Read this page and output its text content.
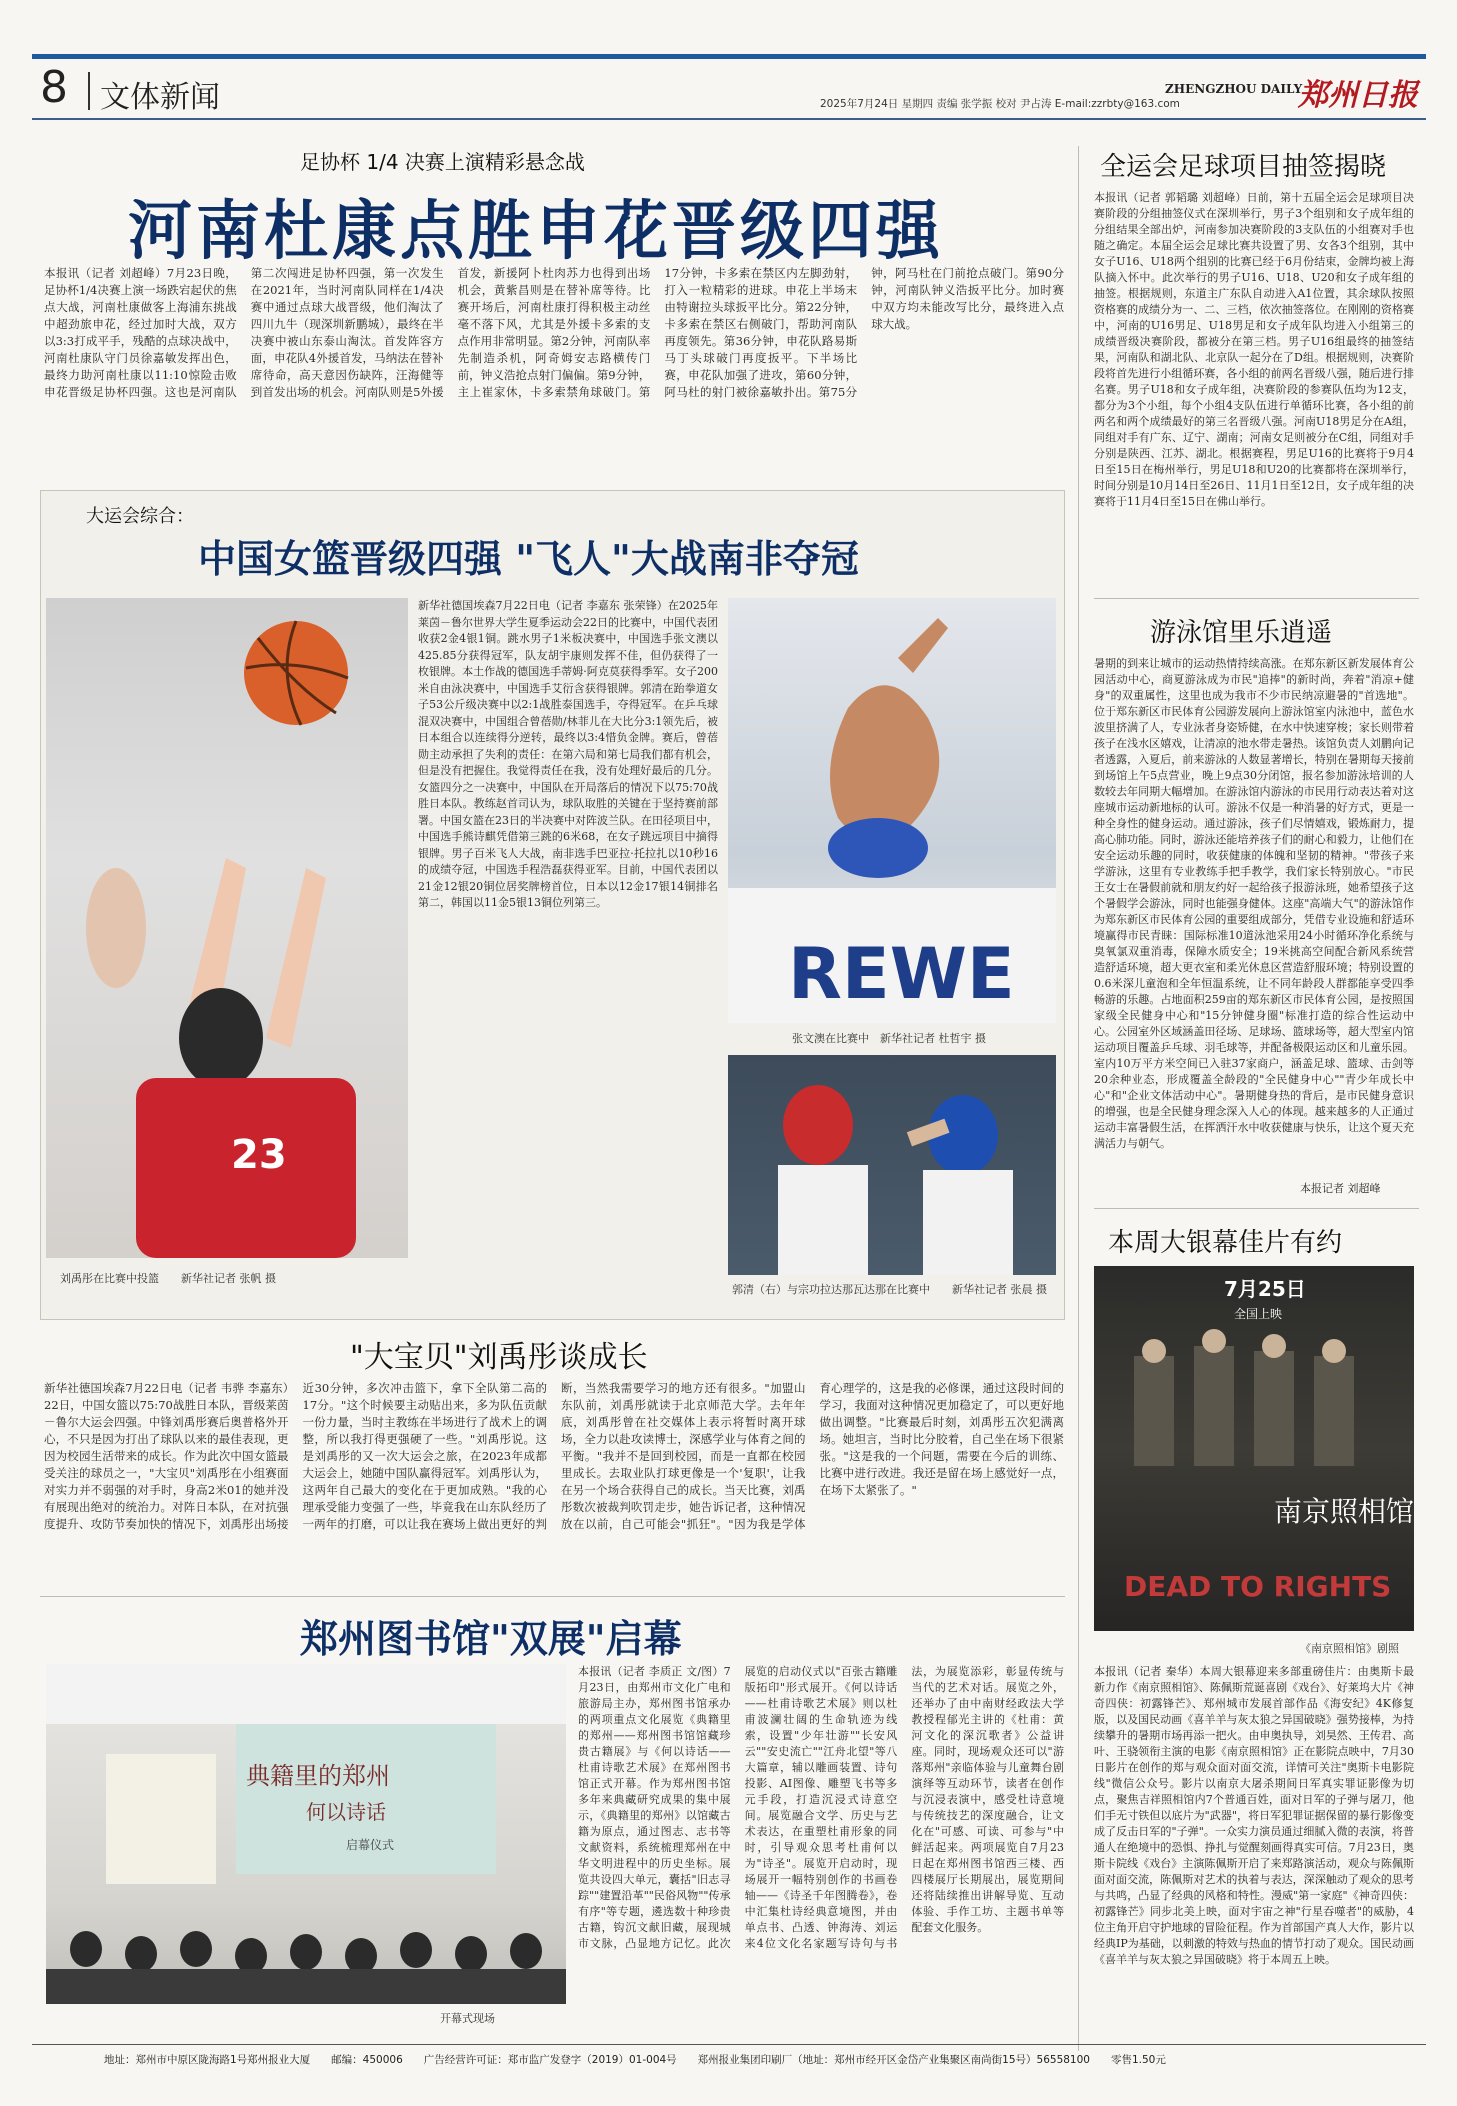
8 文体新闻	2025年7月24日 星期四 责编 张学振 校对 尹占涛 E-mail:zzrbty@163.com
ZHENGZHOU DAILY
郑州日报
足协杯 1/4 决赛上演精彩悬念战
河南杜康点胜申花晋级四强
本报讯（记者 刘超峰）7月23日晚，足协杯1/4决赛上演一场跌宕起伏的焦点大战，河南杜康做客上海浦东挑战中超劲旅申花，经过加时大战，双方以3:3打成平手，残酷的点球决战中，河南杜康队守门员徐嘉敏发挥出色，最终力助河南杜康以11:10惊险击败申花晋级足协杯四强。这也是河南队第二次闯进足协杯四强，第一次发生在2021年，当时河南队同样在1/4决赛中通过点球大战晋级，他们淘汰了四川九牛（现深圳新鹏城），最终在半决赛中被山东泰山淘汰。首发阵容方面，申花队4外援首发，马纳法在替补席待命，高天意因伤缺阵，汪海健等到首发出场的机会。河南队则是5外援首发，新援阿卜杜肉苏力也得到出场机会，黄紫昌则是在替补席等待。比赛开场后，河南杜康打得积极主动丝毫不落下风，尤其是外援卡多索的支点作用非常明显。第2分钟，河南队率先制造杀机，阿奇姆安志路横传门前，钟义浩抢点射门偏偏。第9分钟，主上崔家休，卡多索禁角球破门。第17分钟，卡多索在禁区内左脚劲射，打入一粒精彩的进球。申花上半场末由特谢拉头球扳平比分。第22分钟，卡多索在禁区右侧破门，帮助河南队再度领先。第36分钟，申花队路易斯马丁头球破门再度扳平。下半场比赛，申花队加强了进攻，第60分钟，阿马杜的射门被徐嘉敏扑出。第75分钟，阿马杜在门前抢点破门。第90分钟，河南队钟义浩扳平比分。加时赛中双方均未能改写比分，最终进入点球大战。
大运会综合：
中国女篮晋级四强 "飞人"大战南非夺冠
23
刘禹彤在比赛中投篮　　新华社记者 张帆 摄
新华社德国埃森7月22日电（记者 李嘉东 张荣锋）在2025年莱茵－鲁尔世界大学生夏季运动会22日的比赛中，中国代表团收获2金4银1铜。跳水男子1米板决赛中，中国选手张文澳以425.85分获得冠军，队友胡宇康则发挥不佳，但仍获得了一枚银牌。本土作战的德国选手蒂姆·阿克莫获得季军。女子200米自由泳决赛中，中国选手艾衍含获得银牌。郭清在跆拳道女子53公斤级决赛中以2:1战胜泰国选手，夺得冠军。在乒乓球混双决赛中，中国组合曾蓓勋/林菲儿在大比分3:1领先后，被日本组合以连续得分逆转，最终以3:4惜负金牌。赛后，曾蓓勋主动承担了失利的责任：在第六局和第七局我们都有机会，但是没有把握住。我觉得责任在我，没有处理好最后的几分。女篮四分之一决赛中，中国队在开局落后的情况下以75:70战胜日本队。教练赵首司认为，球队取胜的关键在于坚持赛前部署。中国女篮在23日的半决赛中对阵波兰队。在田径项目中，中国选手熊诗麒凭借第三跳的6米68，在女子跳远项目中摘得银牌。男子百米飞人大战，南非选手巴亚拉·托拉扎以10秒16的成绩夺冠，中国选手程浩磊获得亚军。目前，中国代表团以21金12银20铜位居奖牌榜首位，日本以12金17银14铜排名第二，韩国以11金5银13铜位列第三。
REWE
张文澳在比赛中　新华社记者 杜哲宇 摄
郭清（右）与宗功拉达那瓦达那在比赛中　　新华社记者 张晨 摄
"大宝贝"刘禹彤谈成长
新华社德国埃森7月22日电（记者 韦骅 李嘉东）22日，中国女篮以75:70战胜日本队，晋级莱茵－鲁尔大运会四强。中锋刘禹彤赛后奥普格外开心，不只是因为打出了球队以来的最佳表现，更因为校园生活带来的成长。作为此次中国女篮最受关注的球员之一，"大宝贝"刘禹彤在小组赛面对实力并不弱强的对手时，身高2米01的她并没有展现出绝对的统治力。对阵日本队，在对抗强度提升、攻防节奏加快的情况下，刘禹彤出场接近30分钟，多次冲击篮下，拿下全队第二高的17分。"这个时候要主动贴出来，多为队伍贡献一份力量，当时主教练在半场进行了战术上的调整，所以我打得更强硬了一些。"刘禹彤说。这是刘禹彤的又一次大运会之旅，在2023年成都大运会上，她随中国队赢得冠军。刘禹彤认为，这两年自己最大的变化在于更加成熟。"我的心理承受能力变强了一些，毕竟我在山东队经历了一两年的打磨，可以让我在赛场上做出更好的判断，当然我需要学习的地方还有很多。"加盟山东队前，刘禹彤就读于北京师范大学。去年年底，刘禹彤曾在社交媒体上表示将暂时离开球场，全力以赴攻读博士，深感学业与体育之间的平衡。"我并不是回到校园，而是一直都在校园里成长。去取业队打球更像是一个'复职'，让我在另一个场合获得自己的成长。当天比赛，刘禹彤数次被裁判吹罚走步，她告诉记者，这种情况放在以前，自己可能会"抓狂"。"因为我是学体育心理学的，这是我的必修课，通过这段时间的学习，我面对这种情况更加稳定了，可以更好地做出调整。"比赛最后时刻，刘禹彤五次犯满离场。她坦言，当时比分胶着，自己坐在场下很紧张。"这是我的一个问题，需要在今后的训练、比赛中进行改进。我还是留在场上感觉好一点，在场下太紧张了。"
郑州图书馆"双展"启幕
典籍里的郑州
何以诗话
启幕仪式
开幕式现场
本报讯（记者 李质正 文/图）7月23日，由郑州市文化广电和旅游局主办，郑州图书馆承办的两项重点文化展览《典籍里的郑州——郑州图书馆馆藏珍贵古籍展》与《何以诗话——杜甫诗歌艺术展》在郑州图书馆正式开幕。作为郑州图书馆多年来典藏研究成果的集中展示，《典籍里的郑州》以馆藏古籍为原点，通过图志、志书等文献资料，系统梳理郑州在中华文明进程中的历史坐标。展览共设四大单元，囊括"旧志寻踪""建置沿革""民俗风物""传承有序"等专题，遴选数十种珍贵古籍，钩沉文献旧藏，展现城市文脉，凸显地方记忆。此次展览的启动仪式以"百张古籍雕版拓印"形式展开。《何以诗话——杜甫诗歌艺术展》则以杜甫波澜壮阔的生命轨迹为线索，设置"少年壮游""长安风云""安史流亡""江舟北望"等八大篇章，辅以雕画装置、诗句投影、AI图像、雕塑飞书等多元手段，打造沉浸式诗意空间。展览融合文学、历史与艺术表达，在重塑杜甫形象的同时，引导观众思考杜甫何以为"诗圣"。展览开启动时，现场展开一幅特别创作的书画卷轴——《诗圣千年图腾卷》，卷中汇集杜诗经典意境图，并由单点书、凸透、钟海涛、刘运来4位文化名家题写诗句与书法，为展览添彩，彰显传统与当代的艺术对话。展览之外，还举办了由中南财经政法大学教授程郁光主讲的《杜甫：黄河文化的深沉歌者》公益讲座。同时，现场观众还可以"游落郑州"亲临体验与儿童舞台剧演绎等互动环节，读者在创作与沉浸表演中，感受杜诗意境与传统技艺的深度融合，让文化在"可感、可读、可参与"中鲜活起来。两项展览自7月23日起在郑州图书馆西三楼、西四楼展厅长期展出，展览期间还将陆续推出讲解导览、互动体验、手作工坊、主题书单等配套文化服务。
全运会足球项目抽签揭晓
本报讯（记者 郭韬璐 刘超峰）日前，第十五届全运会足球项目决赛阶段的分组抽签仪式在深圳举行，男子3个组别和女子成年组的分组结果全部出炉，河南参加决赛阶段的3支队伍的小组赛对手也随之确定。本届全运会足球比赛共设置了男、女各3个组别，其中女子U16、U18两个组别的比赛已经于6月份结束，金牌均被上海队摘入怀中。此次举行的男子U16、U18、U20和女子成年组的抽签。根据规则，东道主广东队自动进入A1位置，其余球队按照资格赛的成绩分为一、二、三档，依次抽签落位。在刚刚的资格赛中，河南的U16男足、U18男足和女子成年队均进入小组第三的成绩晋级决赛阶段，都被分在第三档。男子U16组最终的抽签结果，河南队和湖北队、北京队一起分在了D组。根据规则，决赛阶段将首先进行小组循环赛，各小组的前两名晋级八强，随后进行排名赛。男子U18和女子成年组，决赛阶段的参赛队伍均为12支，都分为3个小组，每个小组4支队伍进行单循环比赛，各小组的前两名和两个成绩最好的第三名晋级八强。河南U18男足分在A组，同组对手有广东、辽宁、湖南；河南女足则被分在C组，同组对手分别是陕西、江苏、湖北。根据赛程，男足U16的比赛将于9月4日至15日在梅州举行，男足U18和U20的比赛都将在深圳举行，时间分别是10月14日至26日、11月1日至12日，女子成年组的决赛将于11月4日至15日在佛山举行。
游泳馆里乐逍遥
暑期的到来让城市的运动热情持续高涨。在郑东新区新发展体育公园活动中心，商夏游泳成为市民"追捧"的新时尚，奔着"消凉+健身"的双重属性，这里也成为我市不少市民纳凉避暑的"首选地"。位于郑东新区市民体育公园游发展向上游泳馆室内泳池中，蓝色水波里挤满了人，专业泳者身姿矫健，在水中快速穿梭；家长则带着孩子在浅水区嬉戏，让清凉的池水带走暑热。该馆负责人刘鹏向记者透露，入夏后，前来游泳的人数显著增长，特别在暑期每天接前到场馆上午5点营业，晚上9点30分闭馆，报名参加游泳培训的人数较去年同期大幅增加。在游泳馆内游泳的市民用行动表达着对这座城市运动新地标的认可。游泳不仅是一种消暑的好方式，更是一种全身性的健身运动。通过游泳，孩子们尽情嬉戏，锻炼耐力，提高心肺功能。同时，游泳还能培养孩子们的耐心和毅力，让他们在安全运动乐趣的同时，收获健康的体魄和坚韧的精神。"带孩子来学游泳，这里有专业教练手把手教学，我们家长特别放心。"市民王女士在暑假前就和朋友约好一起给孩子报游泳班，她希望孩子这个暑假学会游泳，同时也能强身健体。这座"高端大气"的游泳馆作为郑东新区市民体育公园的重要组成部分，凭借专业设施和舒适环境赢得市民青睐：国际标准10道泳池采用24小时循环净化系统与臭氧氯双重消毒，保障水质安全；19米挑高空间配合新风系统营造舒适环境，超大更衣室和柔光休息区营造舒服环境；特别设置的0.6米深儿童泡和全年恒温系统，让不同年龄段人群都能享受四季畅游的乐趣。占地面积259亩的郑东新区市民体育公园，是按照国家级全民健身中心和"15分钟健身圈"标准打造的综合性运动中心。公园室外区域涵盖田径场、足球场、篮球场等，超大型室内馆运动项目覆盖乒乓球、羽毛球等，并配备极限运动区和儿童乐园。室内10万平方米空间已入驻37家商户，涵盖足球、篮球、击剑等20余种业态，形成覆盖全龄段的"全民健身中心""青少年成长中心"和"企业文体活动中心"。暑期健身热的背后，是市民健身意识的增强，也是全民健身理念深入人心的体现。越来越多的人正通过运动丰富暑假生活，在挥洒汗水中收获健康与快乐，让这个夏天充满活力与朝气。
本报记者 刘超峰
本周大银幕佳片有约
7月25日
全国上映
南京照相馆
DEAD TO RIGHTS
《南京照相馆》剧照
本报讯（记者 秦华）本周大银幕迎来多部重磅佳片：由奥斯卡最新力作《南京照相馆》、陈佩斯荒诞喜剧《戏台》、好莱坞大片《神奇四侠：初露锋芒》、郑州城市发展首部作品《海安纪》4K修复版，以及国民动画《喜羊羊与灰太狼之异国破晓》强势接棒，为持续攀升的暑期市场再添一把火。由申奥执导，刘昊然、王传君、高叶、王骁领衔主演的电影《南京照相馆》正在影院点映中，7月30日影片在创作的郑与观众面对面交流，详情可关注"奥斯卡电影院线"微信公众号。影片以南京大屠杀期间日军真实罪证影像为切点，聚焦吉祥照相馆内7个普通百姓，面对日军的子弹与屠刀，他们手无寸铁但以底片为"武器"，将日军犯罪证据保留的暴行影像变成了反击日军的"子弹"。一众实力演员通过细腻入微的表演，将普通人在绝境中的恐惧、挣扎与觉醒刻画得真实可信。7月23日，奥斯卡院线《戏台》主演陈佩斯开启了来郑路演活动，观众与陈佩斯面对面交流，陈佩斯对艺术的执着与表达，深深触动了观众的思考与共鸣，凸显了经典的风格和特性。漫威"第一家庭"《神奇四侠：初露锋芒》同步北美上映，面对宇宙之神"行星吞噬者"的威胁，4位主角开启守护地球的冒险征程。作为首部国产真人大作，影片以经典IP为基础，以刺激的特效与热血的情节打动了观众。国民动画《喜羊羊与灰太狼之异国破晓》将于本周五上映。
地址：郑州市中原区陇海路1号郑州报业大厦　　邮编：450006　　广告经营许可证：郑市监广发登字（2019）01-004号　　郑州报业集团印刷厂（地址：郑州市经开区金岱产业集聚区南尚街15号）56558100　　零售1.50元
